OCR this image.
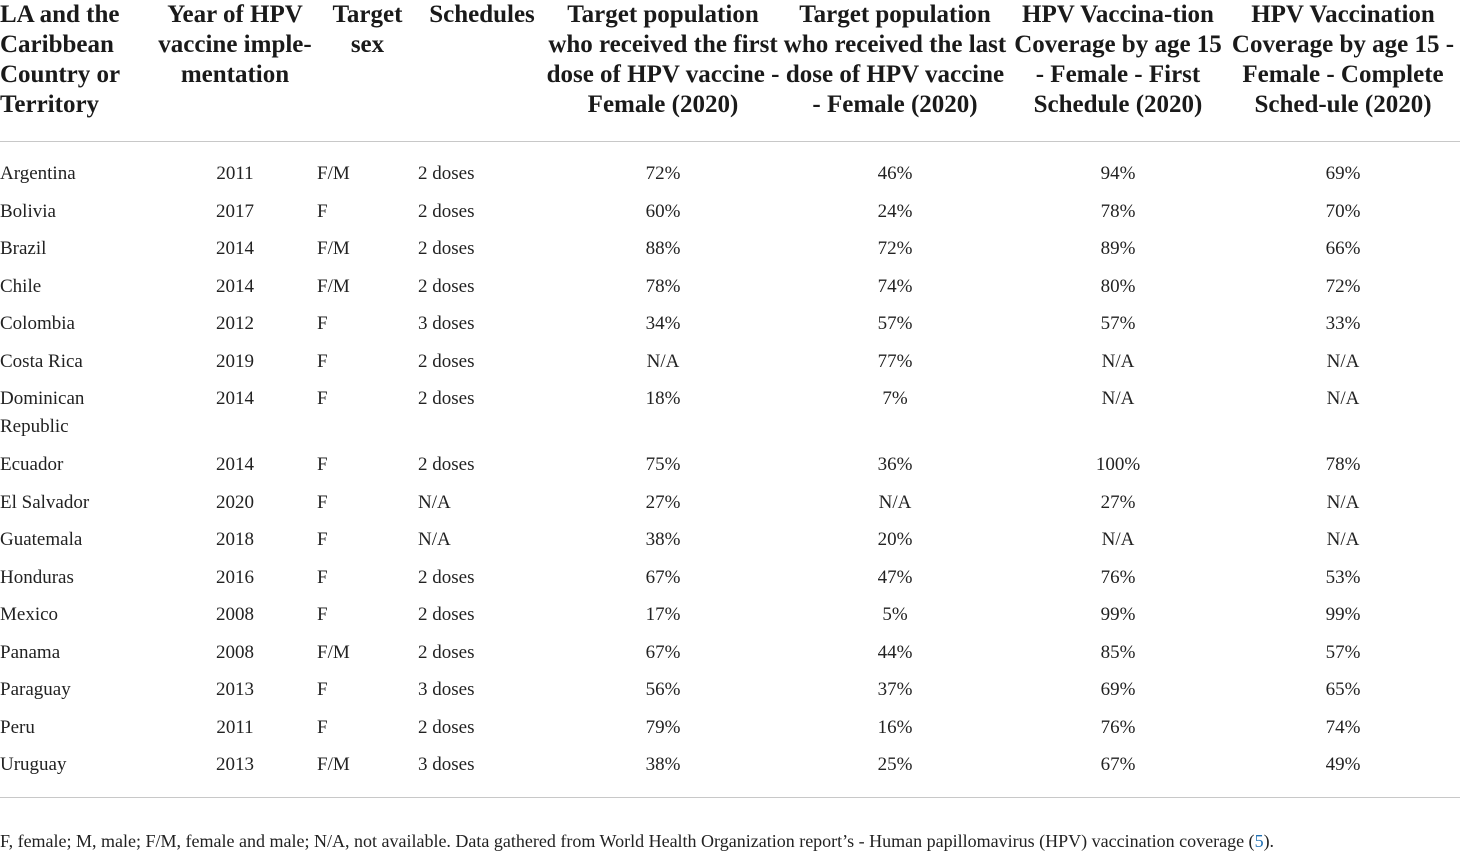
LA and the Caribbean Country or Territory	Year of HPV vaccine imple-mentation	Target sex	Schedules	Target population who received the first dose of HPV vaccine - Female (2020)	Target population who received the last dose of HPV vaccine - Female (2020)	HPV Vaccina-tion Coverage by age 15 - Female - First Schedule (2020)	HPV Vaccination Coverage by age 15 - Female - Complete Sched-ule (2020)
Argentina	2011	F/M	2 doses	72%	46%	94%	69%
Bolivia	2017	F	2 doses	60%	24%	78%	70%
Brazil	2014	F/M	2 doses	88%	72%	89%	66%
Chile	2014	F/M	2 doses	78%	74%	80%	72%
Colombia	2012	F	3 doses	34%	57%	57%	33%
Costa Rica	2019	F	2 doses	N/A	77%	N/A	N/A
Dominican Republic	2014	F	2 doses	18%	7%	N/A	N/A
Ecuador	2014	F	2 doses	75%	36%	100%	78%
El Salvador	2020	F	N/A	27%	N/A	27%	N/A
Guatemala	2018	F	N/A	38%	20%	N/A	N/A
Honduras	2016	F	2 doses	67%	47%	76%	53%
Mexico	2008	F	2 doses	17%	5%	99%	99%
Panama	2008	F/M	2 doses	67%	44%	85%	57%
Paraguay	2013	F	3 doses	56%	37%	69%	65%
Peru	2011	F	2 doses	79%	16%	76%	74%
Uruguay	2013	F/M	3 doses	38%	25%	67%	49%
F, female; M, male; F/M, female and male; N/A, not available. Data gathered from World Health Organization report’s - Human papillomavirus (HPV) vaccination coverage (5).
